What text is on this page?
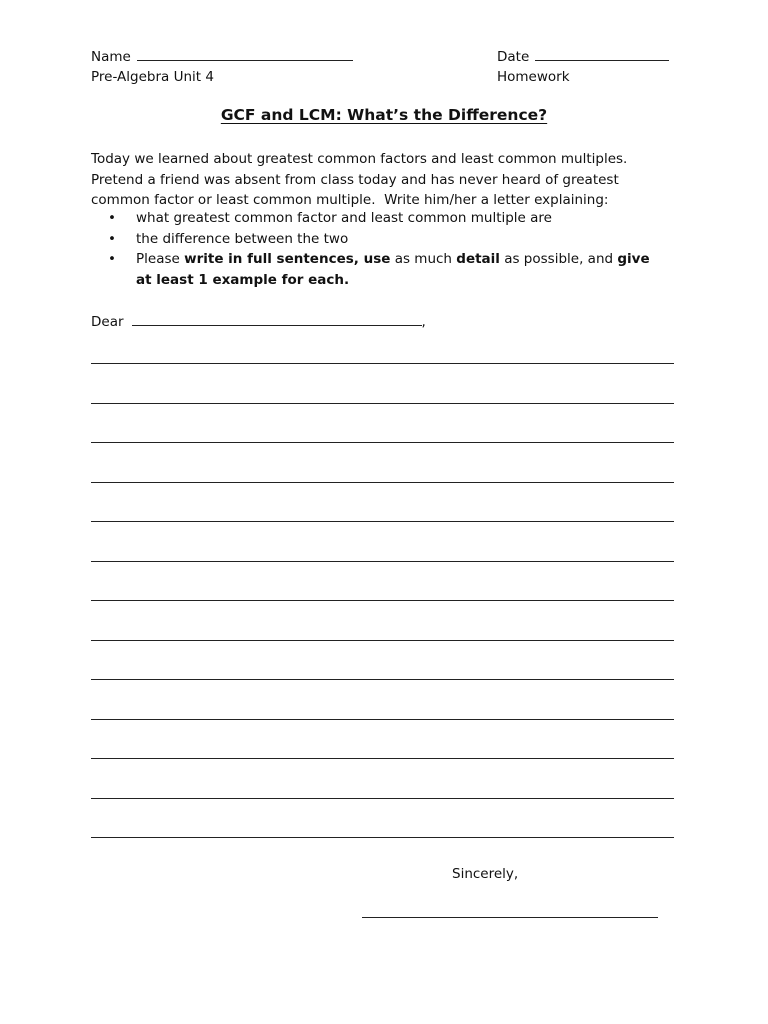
Name	Date
Pre-Algebra Unit 4	Homework
GCF and LCM: What’s the Difference?
Today we learned about greatest common factors and least common multiples.
Pretend a friend was absent from class today and has never heard of greatest
common factor or least common multiple.  Write him/her a letter explaining:
• what greatest common factor and least common multiple are
• the difference between the two
• Please write in full sentences, use as much detail as possible, and give at least 1 example for each.
Dear	,
Sincerely,
